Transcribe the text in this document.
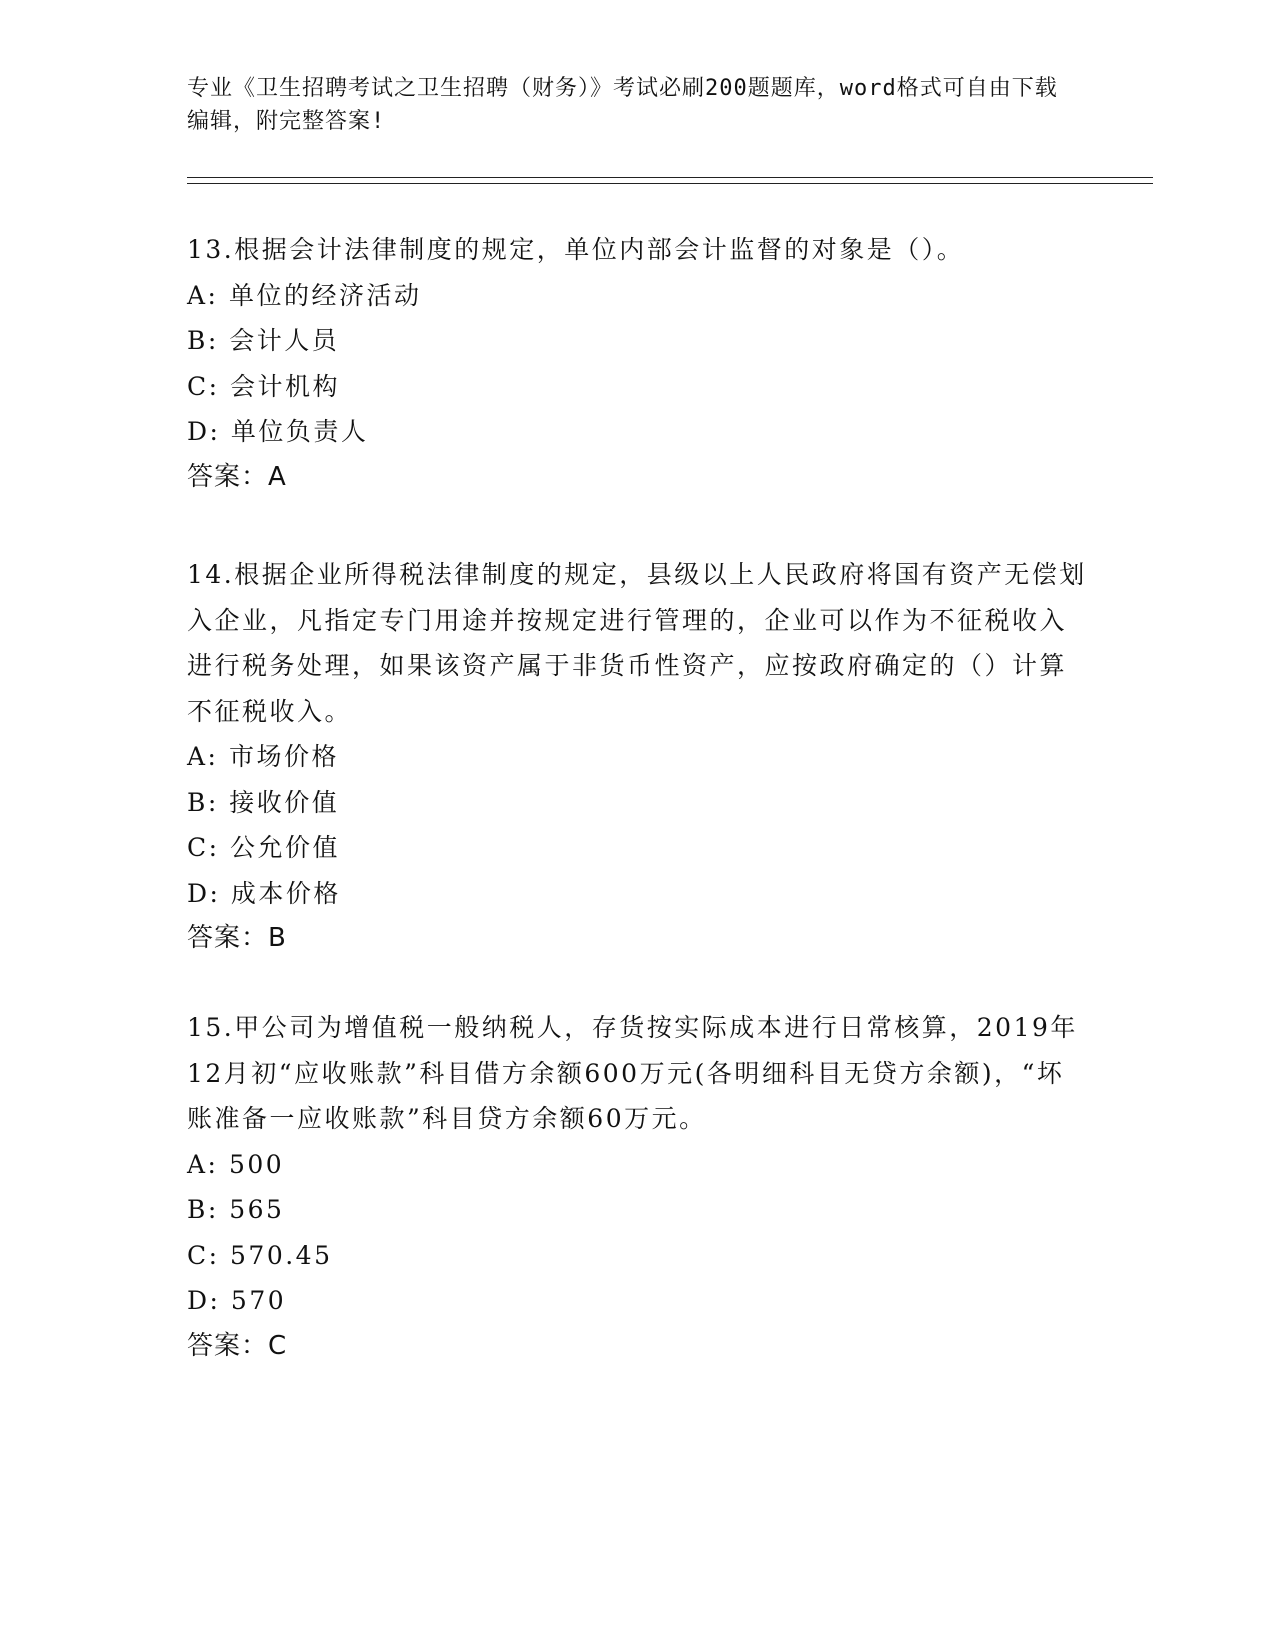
专业《卫生招聘考试之卫生招聘（财务）》考试必刷200题题库，word格式可自由下载编辑，附完整答案!

13.根据会计法律制度的规定，单位内部会计监督的对象是（）。

A: 单位的经济活动

B: 会计人员

C: 会计机构

D: 单位负责人

答案：A

14.根据企业所得税法律制度的规定，县级以上人民政府将国有资产无偿划入企业，凡指定专门用途并按规定进行管理的，企业可以作为不征税收入进行税务处理，如果该资产属于非货币性资产，应按政府确定的（）计算不征税收入。

A: 市场价格

B: 接收价值

C: 公允价值

D: 成本价格

答案：B

15.甲公司为增值税一般纳税人，存货按实际成本进行日常核算，2019年12月初“应收账款”科目借方余额600万元(各明细科目无贷方余额)，“坏账准备一应收账款”科目贷方余额60万元。

A: 500

B: 565

C: 570.45

D: 570

答案：C
